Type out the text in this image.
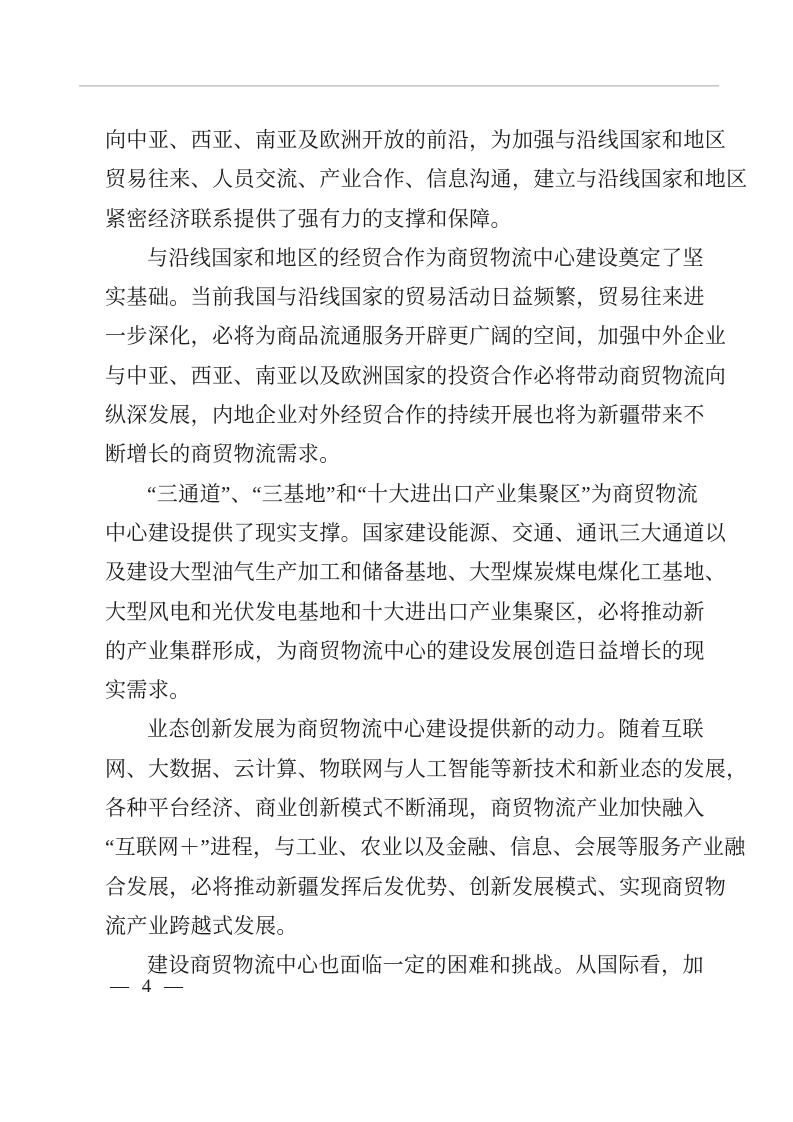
向中亚、西亚、南亚及欧洲开放的前沿，为加强与沿线国家和地区
贸易往来、人员交流、产业合作、信息沟通，建立与沿线国家和地区
紧密经济联系提供了强有力的支撑和保障。
与沿线国家和地区的经贸合作为商贸物流中心建设奠定了坚
实基础。当前我国与沿线国家的贸易活动日益频繁，贸易往来进
一步深化，必将为商品流通服务开辟更广阔的空间，加强中外企业
与中亚、西亚、南亚以及欧洲国家的投资合作必将带动商贸物流向
纵深发展，内地企业对外经贸合作的持续开展也将为新疆带来不
断增长的商贸物流需求。
“三通道”、“三基地”和“十大进出口产业集聚区”为商贸物流
中心建设提供了现实支撑。国家建设能源、交通、通讯三大通道以
及建设大型油气生产加工和储备基地、大型煤炭煤电煤化工基地、
大型风电和光伏发电基地和十大进出口产业集聚区，必将推动新
的产业集群形成，为商贸物流中心的建设发展创造日益增长的现
实需求。
业态创新发展为商贸物流中心建设提供新的动力。随着互联
网、大数据、云计算、物联网与人工智能等新技术和新业态的发展，
各种平台经济、商业创新模式不断涌现，商贸物流产业加快融入
“互联网＋”进程，与工业、农业以及金融、信息、会展等服务产业融
合发展，必将推动新疆发挥后发优势、创新发展模式、实现商贸物
流产业跨越式发展。
建设商贸物流中心也面临一定的困难和挑战。从国际看，加
— 4 —
